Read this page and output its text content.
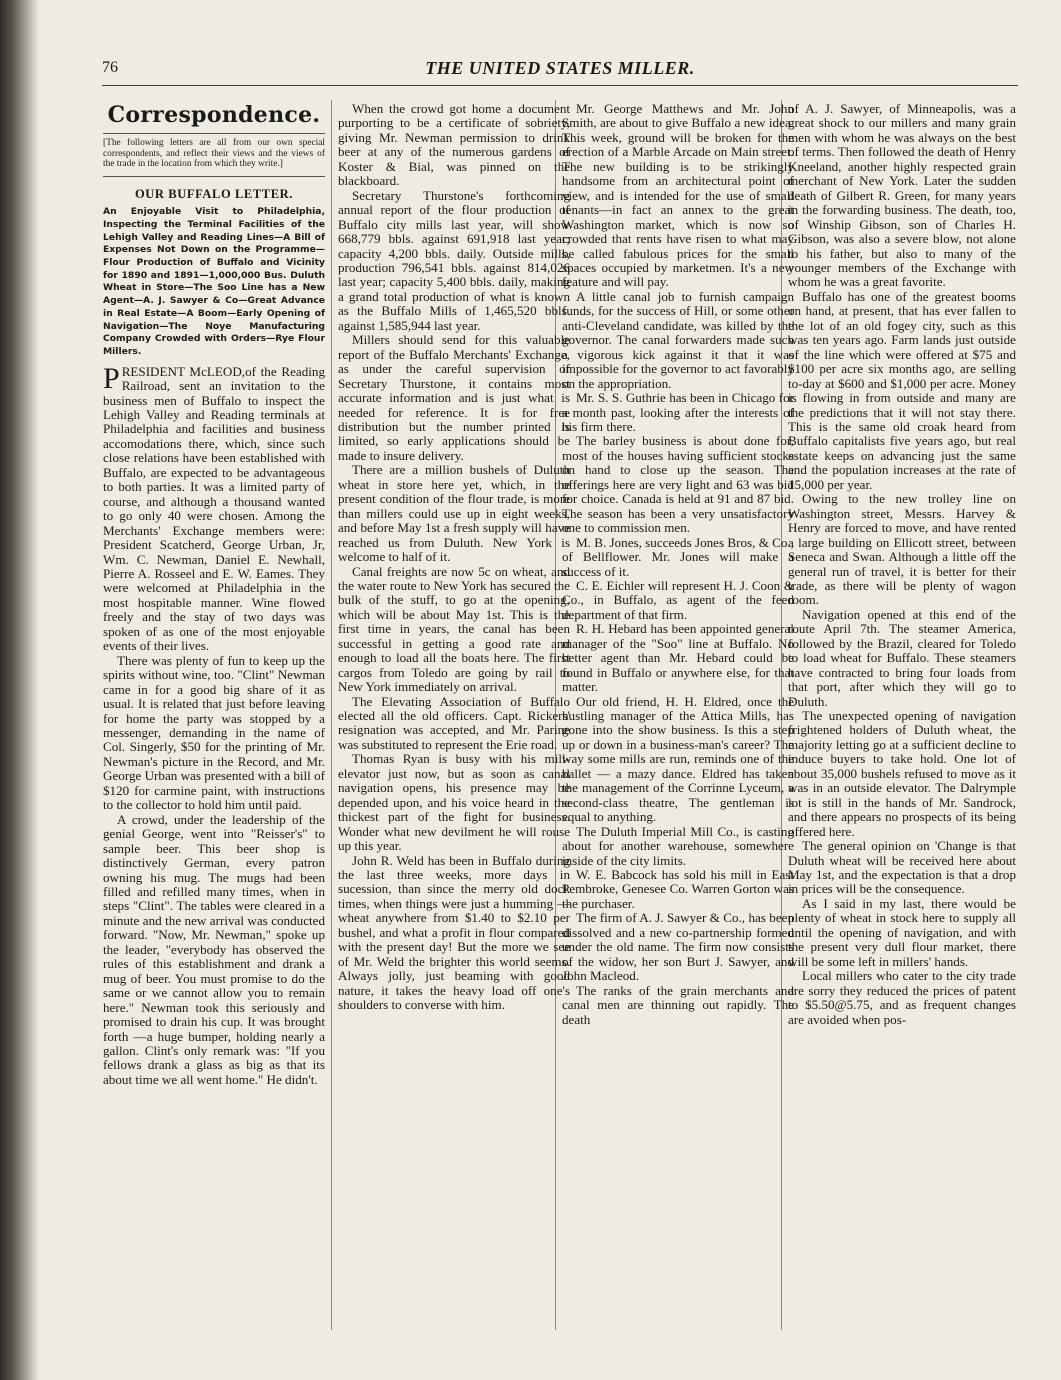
76	THE UNITED STATES MILLER.
Correspondence.
[The following letters are all from our own special correspondents, and reflect their views and the views of the trade in the location from which they write.]
OUR BUFFALO LETTER.
An Enjoyable Visit to Philadelphia, Inspecting the Terminal Facilities of the Lehigh Valley and Reading Lines—A Bill of Expenses Not Down on the Programme—Flour Production of Buffalo and Vicinity for 1890 and 1891—1,000,000 Bus. Duluth Wheat in Store—The Soo Line has a New Agent—A. J. Sawyer & Co—Great Advance in Real Estate—A Boom—Early Opening of Navigation—The Noye Manufacturing Company Crowded with Orders—Rye Flour Millers.

PRESIDENT McLEOD,of the Reading Railroad, sent an invitation to the business men of Buffalo to inspect the Lehigh Valley and Reading terminals at Philadelphia and facilities and business accomodations there, which, since such close relations have been established with Buffalo, are expected to be advantageous to both parties. It was a limited party of course, and although a thousand wanted to go only 40 were chosen. Among the Merchants' Exchange members were: President Scatcherd, George Urban, Jr, Wm. C. Newman, Daniel E. Newhall, Pierre A. Rosseel and E. W. Eames. They were welcomed at Philadelphia in the most hospitable manner. Wine flowed freely and the stay of two days was spoken of as one of the most enjoyable events of their lives.

There was plenty of fun to keep up the spirits without wine, too. "Clint" Newman came in for a good big share of it as usual. It is related that just before leaving for home the party was stopped by a messenger, demanding in the name of Col. Singerly, $50 for the printing of Mr. Newman's picture in the Record, and Mr. George Urban was presented with a bill of $120 for carmine paint, with instructions to the collector to hold him until paid.

A crowd, under the leadership of the genial George, went into "Reisser's" to sample beer. This beer shop is distinctively German, every patron owning his mug. The mugs had been filled and refilled many times, when in steps "Clint". The tables were cleared in a minute and the new arrival was conducted forward. "Now, Mr. Newman," spoke up the leader, "everybody has observed the rules of this establishment and drank a mug of beer. You must promise to do the same or we cannot allow you to remain here." Newman took this seriously and promised to drain his cup. It was brought forth —a huge bumper, holding nearly a gallon. Clint's only remark was: "If you fellows drank a glass as big as that its about time we all went home." He didn't.

When the crowd got home a document purporting to be a certificate of sobriety, giving Mr. Newman permission to drink beer at any of the numerous gardens of Koster & Bial, was pinned on the blackboard.

Secretary Thurstone's forthcoming annual report of the flour production of Buffalo city mills last year, will show 668,779 bbls. against 691,918 last year; capacity 4,200 bbls. daily. Outside mills, production 796,541 bbls. against 814,026 last year; capacity 5,400 bbls. daily, making a grand total production of what is known as the Buffalo Mills of 1,465,520 bbls. against 1,585,944 last year.

Millers should send for this valuable report of the Buffalo Merchants' Exchange, as under the careful supervision of Secretary Thurstone, it contains most accurate information and is just what is needed for reference. It is for free distribution but the number printed is limited, so early applications should be made to insure delivery.

There are a million bushels of Duluth wheat in store here yet, which, in the present condition of the flour trade, is more than millers could use up in eight weeks, and before May 1st a fresh supply will have reached us from Duluth. New York is welcome to half of it.

Canal freights are now 5c on wheat, and the water route to New York has secured the bulk of the stuff, to go at the opening, which will be about May 1st. This is the first time in years, the canal has been successful in getting a good rate and enough to load all the boats here. The first cargos from Toledo are going by rail to New York immediately on arrival.

The Elevating Association of Buffalo elected all the old officers. Capt. Rickers' resignation was accepted, and Mr. Parine was substituted to represent the Erie road.

Thomas Ryan is busy with his mill-elevator just now, but as soon as canal navigation opens, his presence may be depended upon, and his voice heard in the thickest part of the fight for business. Wonder what new devilment he will rouse up this year.

John R. Weld has been in Buffalo during the last three weeks, more days in sucession, than since the merry old dock times, when things were just a humming — wheat anywhere from $1.40 to $2.10 per bushel, and what a profit in flour compared with the present day! But the more we see of Mr. Weld the brighter this world seems. Always jolly, just beaming with good nature, it takes the heavy load off one's shoulders to converse with him.

Mr. George Matthews and Mr. John Smith, are about to give Buffalo a new idea. This week, ground will be broken for the erection of a Marble Arcade on Main street. The new building is to be strikingly handsome from an architectural point of view, and is intended for the use of small tenants—in fact an annex to the great Washington market, which is now so crowded that rents have risen to what may be called fabulous prices for the small spaces occupied by marketmen. It's a new feature and will pay.

A little canal job to furnish campaign funds, for the success of Hill, or some other anti-Cleveland candidate, was killed by the governor. The canal forwarders made such a vigorous kick against it that it was impossible for the governor to act favorably on the appropriation.

Mr. S. S. Guthrie has been in Chicago for a month past, looking after the interests of his firm there.

The barley business is about done for, most of the houses having sufficient stocks on hand to close up the season. The offerings here are very light and 63 was bid for choice. Canada is held at 91 and 87 bid. The season has been a very unsatisfactory one to commission men.

M. B. Jones, succeeds Jones Bros, & Co., of Bellflower. Mr. Jones will make a success of it.

C. E. Eichler will represent H. J. Coon & Co., in Buffalo, as agent of the feed department of that firm.

R. H. Hebard has been appointed general manager of the "Soo" line at Buffalo. No better agent than Mr. Hebard could be found in Buffalo or anywhere else, for that matter.

Our old friend, H. H. Eldred, once the hustling manager of the Attica Mills, has gone into the show business. Is this a step up or down in a business-man's career? The way some mills are run, reminds one of the ballet — a mazy dance. Eldred has taken the management of the Corrinne Lyceum, a second-class theatre, The gentleman is equal to anything.

The Duluth Imperial Mill Co., is casting about for another warehouse, somewhere inside of the city limits.

W. E. Babcock has sold his mill in East Pembroke, Genesee Co. Warren Gorton was the purchaser.

The firm of A. J. Sawyer & Co., has been dissolved and a new co-partnership formed under the old name. The firm now consists of the widow, her son Burt J. Sawyer, and John Macleod.

The ranks of the grain merchants and canal men are thinning out rapidly. The death

of A. J. Sawyer, of Minneapolis, was a great shock to our millers and many grain men with whom he was always on the best of terms. Then followed the death of Henry Kneeland, another highly respected grain merchant of New York. Later the sudden death of Gilbert R. Green, for many years in the forwarding business. The death, too, of Winship Gibson, son of Charles H. Gibson, was also a severe blow, not alone to his father, but also to many of the younger members of the Exchange with whom he was a great favorite.

Buffalo has one of the greatest booms on hand, at present, that has ever fallen to the lot of an old fogey city, such as this was ten years ago. Farm lands just outside of the line which were offered at $75 and $100 per acre six months ago, are selling to-day at $600 and $1,000 per acre. Money is flowing in from outside and many are the predictions that it will not stay there. This is the same old croak heard from Buffalo capitalists five years ago, but real estate keeps on advancing just the same and the population increases at the rate of 15,000 per year.

Owing to the new trolley line on Washington street, Messrs. Harvey & Henry are forced to move, and have rented a large building on Ellicott street, between Seneca and Swan. Although a little off the general run of travel, it is better for their trade, as there will be plenty of wagon room.

Navigation opened at this end of the route April 7th. The steamer America, followed by the Brazil, cleared for Toledo to load wheat for Buffalo. These steamers have contracted to bring four loads from that port, after which they will go to Duluth.

The unexpected opening of navigation frightened holders of Duluth wheat, the majority letting go at a sufficient decline to induce buyers to take hold. One lot of about 35,000 bushels refused to move as it was in an outside elevator. The Dalrymple lot is still in the hands of Mr. Sandrock, and there appears no prospects of its being offered here.

The general opinion on 'Change is that Duluth wheat will be received here about May 1st, and the expectation is that a drop in prices will be the consequence.

As I said in my last, there would be plenty of wheat in stock here to supply all until the opening of navigation, and with the present very dull flour market, there will be some left in millers' hands.

Local millers who cater to the city trade are sorry they reduced the prices of patent to $5.50@5.75, and as frequent changes are avoided when pos-
